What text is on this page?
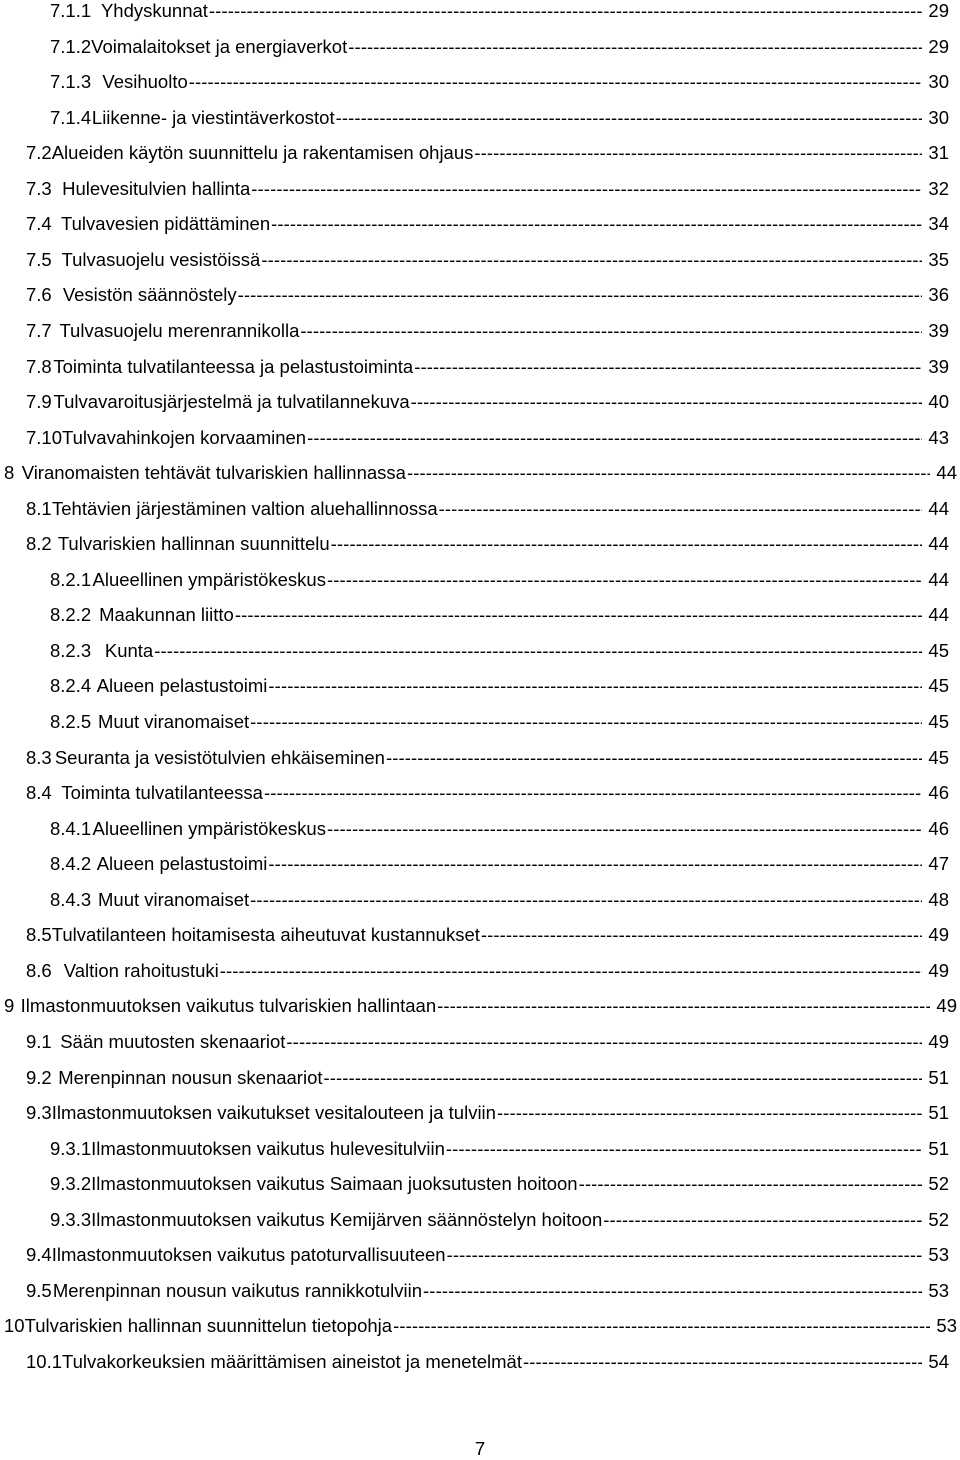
7.1.1 Yhdyskunnat -----	29
7.1.2 Voimalaitokset ja energiaverkot -----	29
7.1.3 Vesihuolto -----	30
7.1.4 Liikenne- ja viestintäverkostot -----	30
7.2 Alueiden käytön suunnittelu ja rakentamisen ohjaus -----	31
7.3 Hulevesitulvien hallinta -----	32
7.4 Tulvavesien pidättäminen -----	34
7.5 Tulvasuojelu vesistöissä -----	35
7.6 Vesistön säännöstely -----	36
7.7 Tulvasuojelu merenrannikolla -----	39
7.8 Toiminta tulvatilanteessa ja pelastustoiminta -----	39
7.9 Tulvavaroitusjärjestelmä ja tulvatilannekuva -----	40
7.10 Tulvavahinkojen korvaaminen -----	43
8 Viranomaisten tehtävät tulvariskien hallinnassa -----	44
8.1 Tehtävien järjestäminen valtion aluehallinnossa -----	44
8.2 Tulvariskien hallinnan suunnittelu -----	44
8.2.1 Alueellinen ympäristökeskus -----	44
8.2.2 Maakunnan liitto -----	44
8.2.3 Kunta -----	45
8.2.4 Alueen pelastustoimi -----	45
8.2.5 Muut viranomaiset -----	45
8.3 Seuranta ja vesistötulvien ehkäiseminen -----	45
8.4 Toiminta tulvatilanteessa -----	46
8.4.1 Alueellinen ympäristökeskus -----	46
8.4.2 Alueen pelastustoimi -----	47
8.4.3 Muut viranomaiset -----	48
8.5 Tulvatilanteen hoitamisesta aiheutuvat kustannukset -----	49
8.6 Valtion rahoitustuki -----	49
9 Ilmastonmuutoksen vaikutus tulvariskien hallintaan -----	49
9.1 Sään muutosten skenaariot -----	49
9.2 Merenpinnan nousun skenaariot -----	51
9.3 Ilmastonmuutoksen vaikutukset vesitalouteen ja tulviin -----	51
9.3.1 Ilmastonmuutoksen vaikutus hulevesitulviin -----	51
9.3.2 Ilmastonmuutoksen vaikutus Saimaan juoksutusten hoitoon -----	52
9.3.3 Ilmastonmuutoksen vaikutus Kemijärven säännöstelyn hoitoon -----	52
9.4 Ilmastonmuutoksen vaikutus patoturvallisuuteen -----	53
9.5 Merenpinnan nousun vaikutus rannikkotulviin -----	53
10 Tulvariskien hallinnan suunnittelun tietopohja -----	53
10.1 Tulvakorkeuksien määrittämisen aineistot ja menetelmät -----	54
7
